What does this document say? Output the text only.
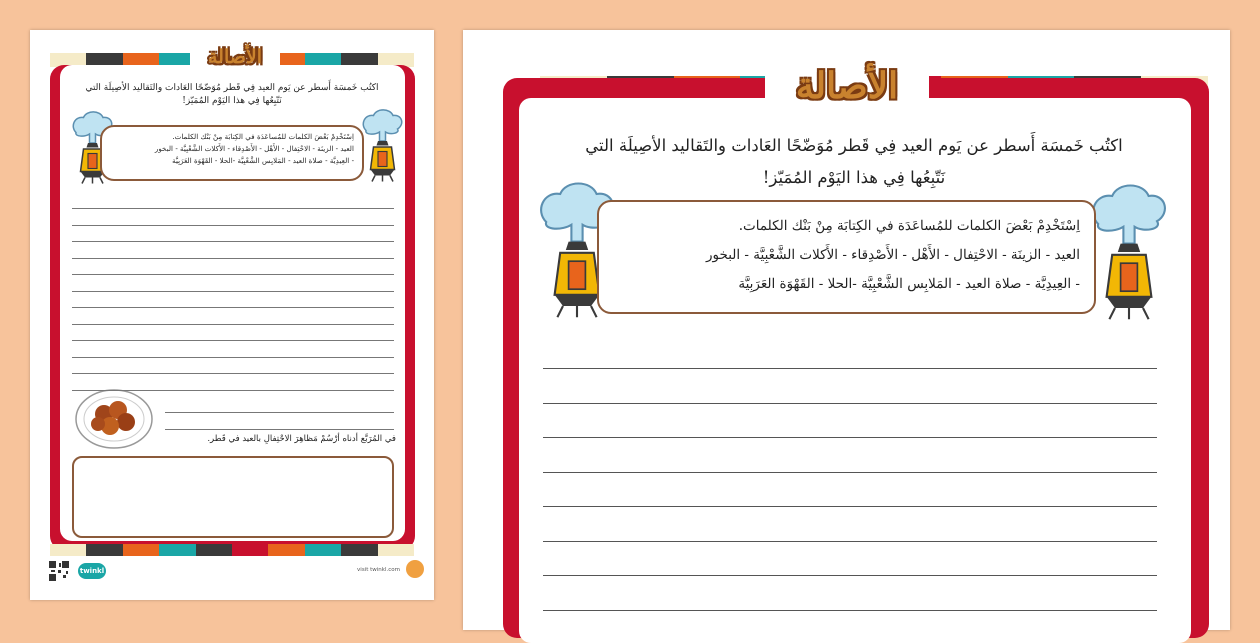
الأصالة
اكتُب خَمسَة أَسطر عن يَوم العيد فِي قَطر مُوَضّحًا العَادات والتَقاليد الأصِيلَة التي
نَتّبِعُها فِي هذا اليَوْم المُمَيّز!
اِسْتَخْدِمْ بَعْضَ الكلمات للمُساعَدَة في الكِتابَة مِنْ بَنْك الكلمات.
العيد - الزينَة - الاحْتِفال - الأَهْل - الأَصْدِقاء - الأَكلات الشَّعْبِيَّة - البخور
- العِيدِيَّة - صلاة العيد - المَلابِس الشَّعْبِيَّة -الحلا - القَهْوَة العَرَبِيَّة
في المُرَبَّع أدناه أرْسُمْ مَظاهِرَ الاحْتِفالِ بالعيد في قَطر.
twinkl	visit twinkl.com
الأصالة
اكتُب خَمسَة أَسطر عن يَوم العيد فِي قَطر مُوَضّحًا العَادات والتَقاليد الأصِيلَة التي
نَتّبِعُها فِي هذا اليَوْم المُمَيّز!
اِسْتَخْدِمْ بَعْضَ الكلمات للمُساعَدَة في الكِتابَة مِنْ بَنْك الكلمات.
العيد - الزينَة - الاحْتِفال - الأَهْل - الأَصْدِقاء - الأَكلات الشَّعْبِيَّة - البخور
- العِيدِيَّة - صلاة العيد - المَلابِس الشَّعْبِيَّة -الحلا - القَهْوَة العَرَبِيَّة
